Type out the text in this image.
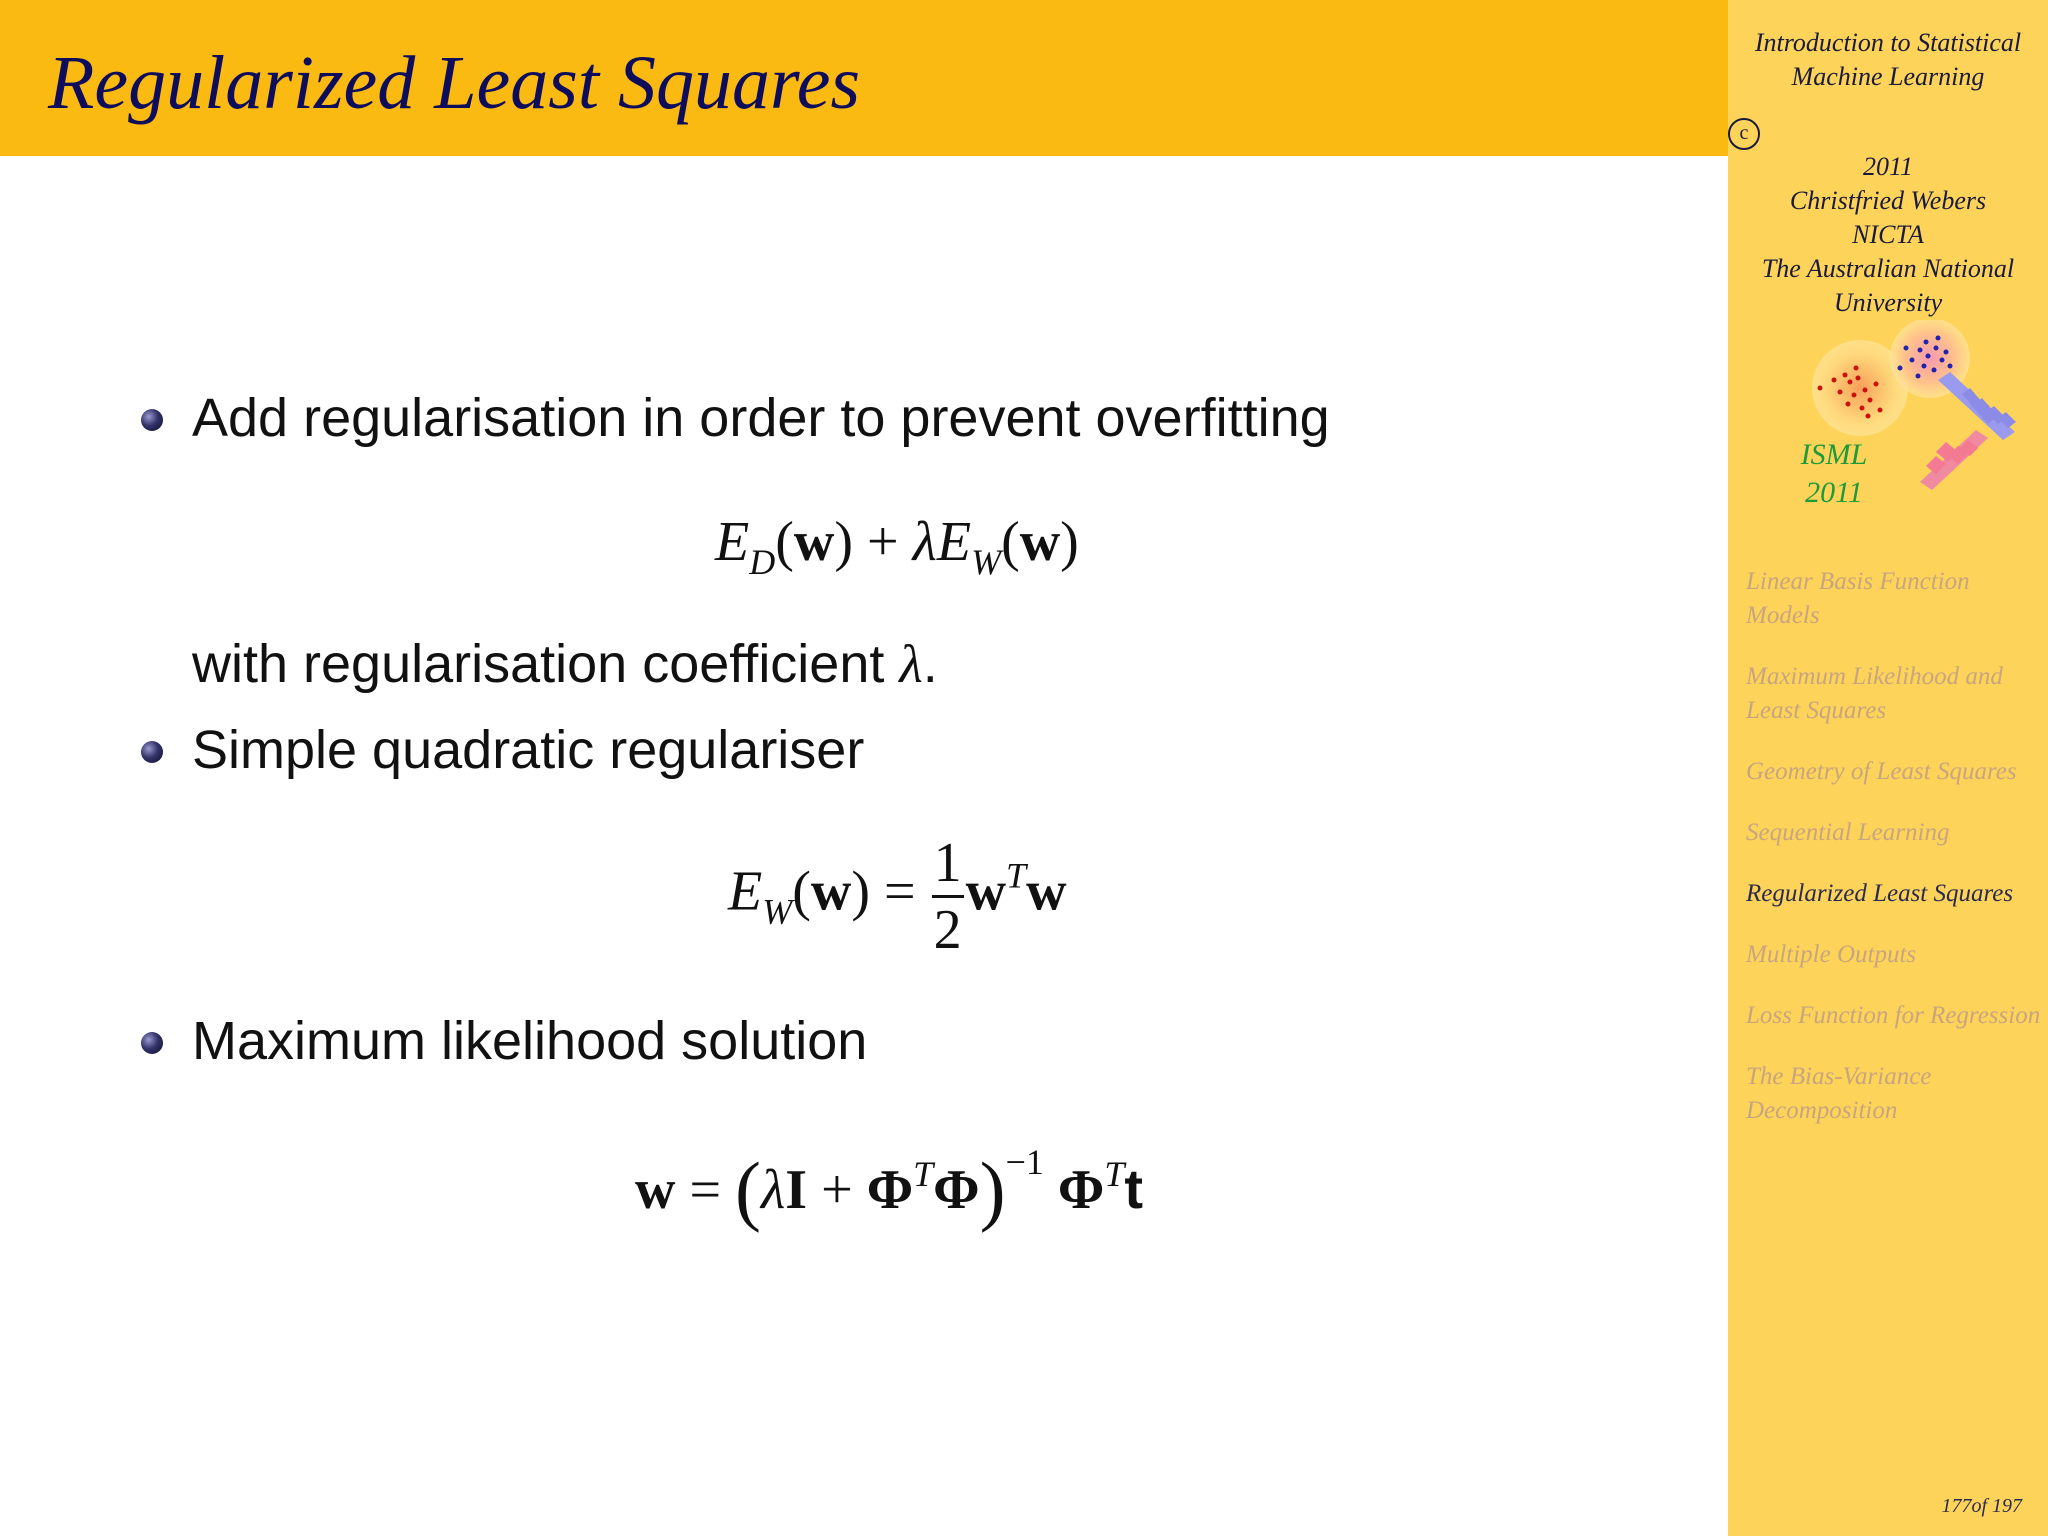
Regularized Least Squares	Introduction to Statistical
Machine Learning
c
2011
Christfried Webers
NICTA
The Australian National
University
ISML
2011
Linear Basis Function Models
Maximum Likelihood and Least Squares
Geometry of Least Squares
Sequential Learning
Regularized Least Squares
Multiple Outputs
Loss Function for Regression
The Bias-Variance Decomposition
177of 197
Add regularisation in order to prevent overfitting
$E_D(w) + \lambda E_W(w)$
with regularisation coefficient λ.
Simple quadratic regulariser
$E_W(w) = \frac{1}{2} w^Tw$
Maximum likelihood solution
$w = (\lambda I + \Phi^T\Phi)^{-1}$ $\Phi^Tt$
